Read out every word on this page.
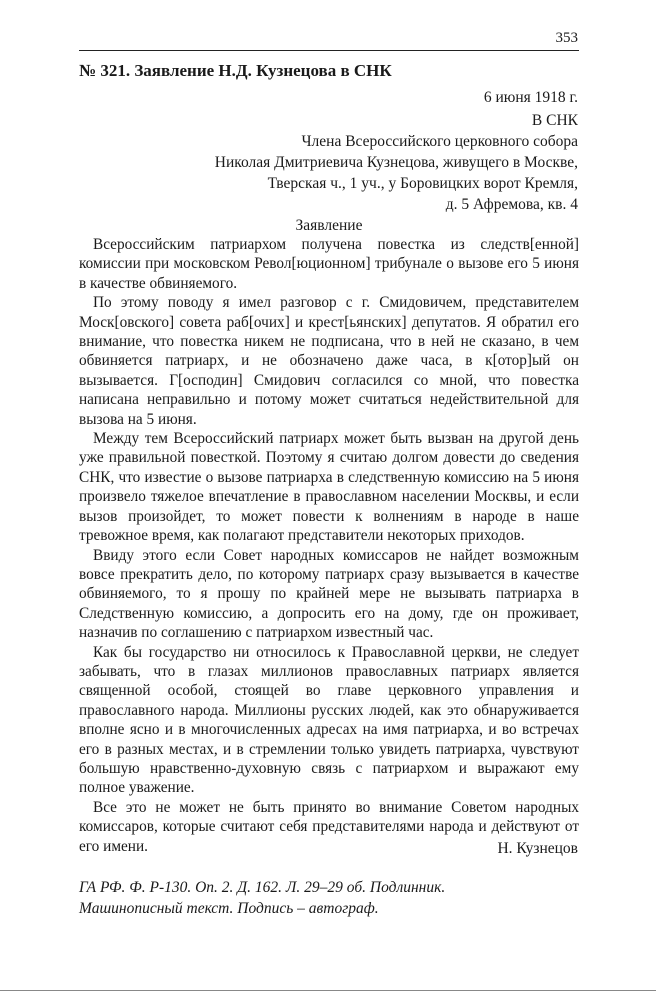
353
№ 321. Заявление Н.Д. Кузнецова в СНК
6 июня 1918 г.
В СНК
Члена Всероссийского церковного собора
Николая Дмитриевича Кузнецова, живущего в Москве,
Тверская ч., 1 уч., у Боровицких ворот Кремля,
д. 5 Афремова, кв. 4
Заявление

Всероссийским патриархом получена повестка из следств[енной] комиссии при московском Револ[юционном] трибунале о вызове его 5 июня в качестве обвиняемого.

По этому поводу я имел разговор с г. Смидовичем, представителем Моск[овского] совета раб[очих] и крест[ьянских] депутатов. Я обратил его внимание, что повестка никем не подписана, что в ней не сказано, в чем обвиняется патриарх, и не обозначено даже часа, в к[отор]ый он вызывается. Г[осподин] Смидович согласился со мной, что повестка написана неправильно и потому может считаться недействительной для вызова на 5 июня.

Между тем Всероссийский патриарх может быть вызван на другой день уже правильной повесткой. Поэтому я считаю долгом довести до сведения СНК, что известие о вызове патриарха в следственную комиссию на 5 июня произвело тяжелое впечатление в православном населении Москвы, и если вызов произойдет, то может повести к волнениям в народе в наше тревожное время, как полагают представители некоторых приходов.

Ввиду этого если Совет народных комиссаров не найдет возможным вовсе прекратить дело, по которому патриарх сразу вызывается в качестве обвиняемого, то я прошу по крайней мере не вызывать патриарха в Следственную комиссию, а допросить его на дому, где он проживает, назначив по соглашению с патриархом известный час.

Как бы государство ни относилось к Православной церкви, не следует забывать, что в глазах миллионов православных патриарх является священной особой, стоящей во главе церковного управления и православного народа. Миллионы русских людей, как это обнаруживается вполне ясно и в многочисленных адресах на имя патриарха, и во встречах его в разных местах, и в стремлении только увидеть патриарха, чувствуют большую нравственно-духовную связь с патриархом и выражают ему полное уважение.

Все это не может не быть принято во внимание Советом народных комиссаров, которые считают себя представителями народа и действуют от его имени.	Н. Кузнецов
ГА РФ. Ф. Р-130. Оп. 2. Д. 162. Л. 29–29 об. Подлинник.
Машинописный текст. Подпись – автограф.
